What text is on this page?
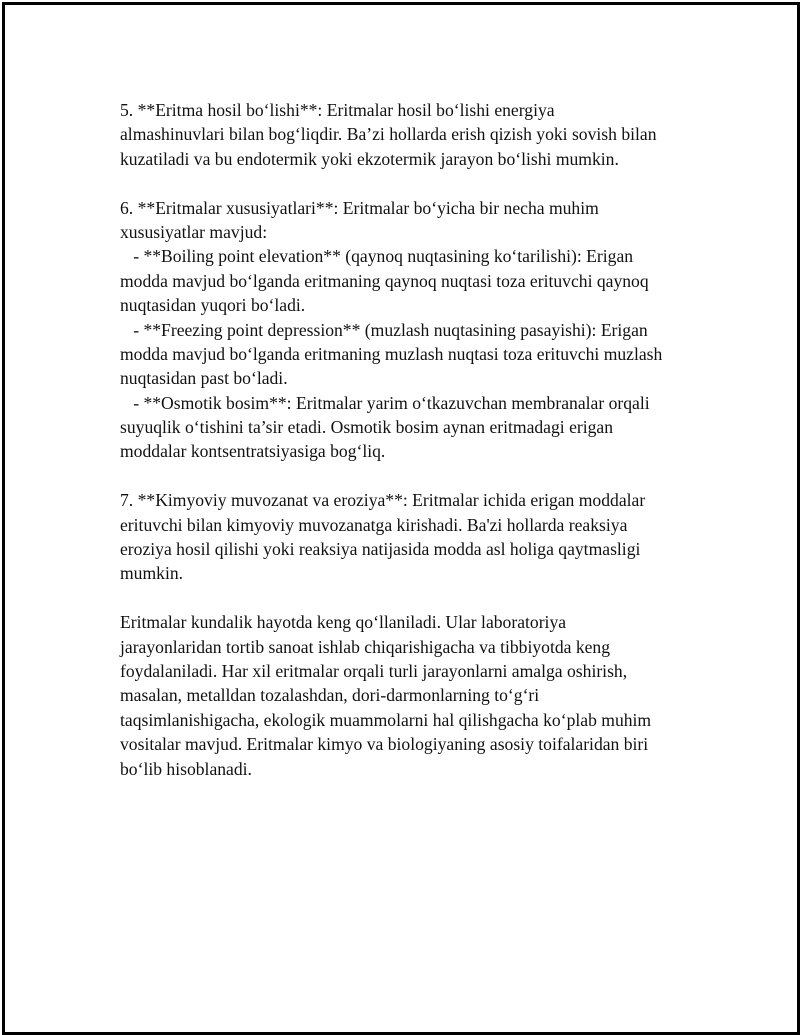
5. **Eritma hosil boʻlishi**: Eritmalar hosil boʻlishi energiya
almashinuvlari bilan bogʻliqdir. Ba’zi hollarda erish qizish yoki sovish bilan
kuzatiladi va bu endotermik yoki ekzotermik jarayon boʻlishi mumkin.
6. **Eritmalar xususiyatlari**: Eritmalar boʻyicha bir necha muhim
xususiyatlar mavjud:
- **Boiling point elevation** (qaynoq nuqtasining koʻtarilishi): Erigan
modda mavjud boʻlganda eritmaning qaynoq nuqtasi toza erituvchi qaynoq
nuqtasidan yuqori boʻladi.
- **Freezing point depression** (muzlash nuqtasining pasayishi): Erigan
modda mavjud boʻlganda eritmaning muzlash nuqtasi toza erituvchi muzlash
nuqtasidan past boʻladi.
- **Osmotik bosim**: Eritmalar yarim oʻtkazuvchan membranalar orqali
suyuqlik oʻtishini ta’sir etadi. Osmotik bosim aynan eritmadagi erigan
moddalar kontsentratsiyasiga bogʻliq.
7. **Kimyoviy muvozanat va eroziya**: Eritmalar ichida erigan moddalar
erituvchi bilan kimyoviy muvozanatga kirishadi. Ba'zi hollarda reaksiya
eroziya hosil qilishi yoki reaksiya natijasida modda asl holiga qaytmasligi
mumkin.
Eritmalar kundalik hayotda keng qoʻllaniladi. Ular laboratoriya
jarayonlaridan tortib sanoat ishlab chiqarishigacha va tibbiyotda keng
foydalaniladi. Har xil eritmalar orqali turli jarayonlarni amalga oshirish,
masalan, metalldan tozalashdan, dori-darmonlarning toʻgʻri
taqsimlanishigacha, ekologik muammolarni hal qilishgacha koʻplab muhim
vositalar mavjud. Eritmalar kimyo va biologiyaning asosiy toifalaridan biri
boʻlib hisoblanadi.
